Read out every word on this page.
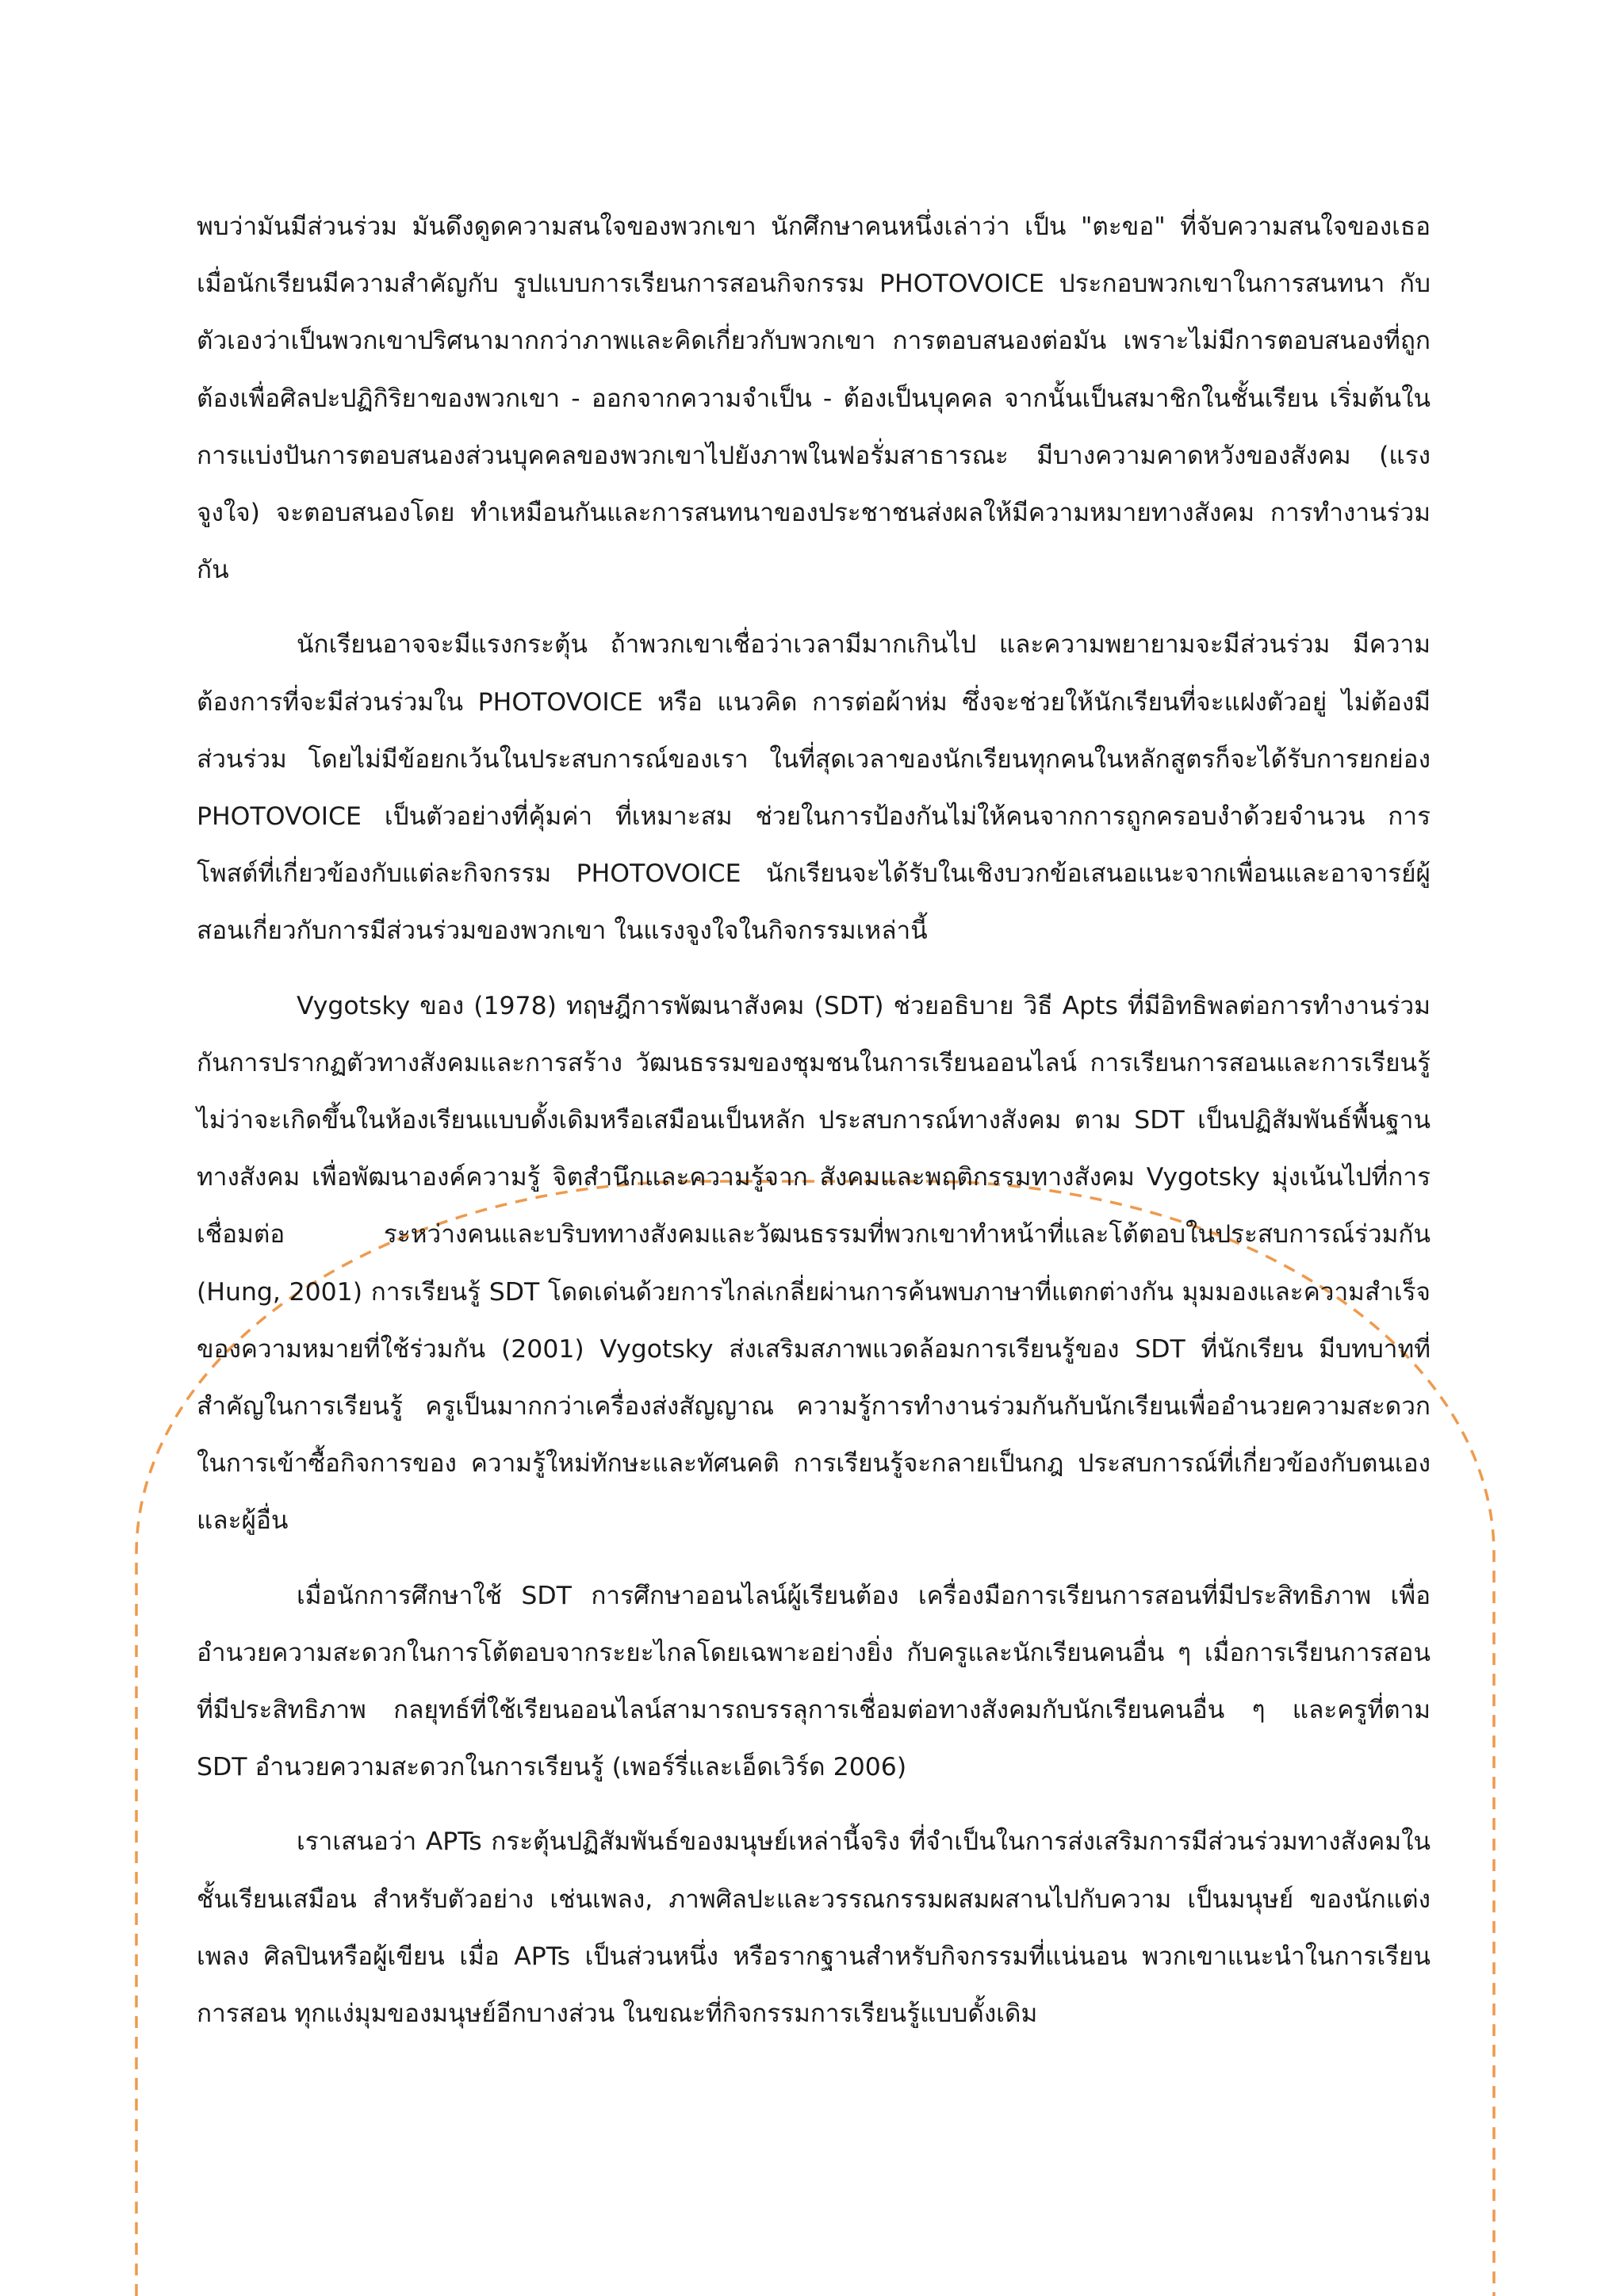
พบว่ามันมีส่วนร่วม มันดึงดูดความสนใจของพวกเขา นักศึกษาคนหนึ่งเล่าว่า เป็น "ตะขอ" ที่จับความสนใจของเธอ เมื่อนักเรียนมีความสำคัญกับ รูปแบบการเรียนการสอนกิจกรรม PHOTOVOICE ประกอบพวกเขาในการสนทนา กับตัวเองว่าเป็นพวกเขาปริศนามากกว่าภาพและคิดเกี่ยวกับพวกเขา การตอบสนองต่อมัน เพราะไม่มีการตอบสนองที่ถูกต้องเพื่อศิลปะปฏิกิริยาของพวกเขา - ออกจากความจำเป็น - ต้องเป็นบุคคล จากนั้นเป็นสมาชิกในชั้นเรียน เริ่มต้นในการแบ่งปันการตอบสนองส่วนบุคคลของพวกเขาไปยังภาพในฟอรั่มสาธารณะ มีบางความคาดหวังของสังคม (แรงจูงใจ) จะตอบสนองโดย ทำเหมือนกันและการสนทนาของประชาชนส่งผลให้มีความหมายทางสังคม การทำงานร่วมกัน

นักเรียนอาจจะมีแรงกระตุ้น ถ้าพวกเขาเชื่อว่าเวลามีมากเกินไป และความพยายามจะมีส่วนร่วม มีความต้องการที่จะมีส่วนร่วมใน PHOTOVOICE หรือ แนวคิด การต่อผ้าห่ม ซึ่งจะช่วยให้นักเรียนที่จะแฝงตัวอยู่ ไม่ต้องมีส่วนร่วม โดยไม่มีข้อยกเว้นในประสบการณ์ของเรา ในที่สุดเวลาของนักเรียนทุกคนในหลักสูตรก็จะได้รับการยกย่อง PHOTOVOICE เป็นตัวอย่างที่คุ้มค่า ที่เหมาะสม ช่วยในการป้องกันไม่ให้คนจากการถูกครอบงำด้วยจำนวน การโพสต์ที่เกี่ยวข้องกับแต่ละกิจกรรม PHOTOVOICE นักเรียนจะได้รับในเชิงบวกข้อเสนอแนะจากเพื่อนและอาจารย์ผู้สอนเกี่ยวกับการมีส่วนร่วมของพวกเขา ในแรงจูงใจในกิจกรรมเหล่านี้

Vygotsky ของ (1978) ทฤษฎีการพัฒนาสังคม (SDT) ช่วยอธิบาย วิธี Apts ที่มีอิทธิพลต่อการทำงานร่วมกันการปรากฏตัวทางสังคมและการสร้าง วัฒนธรรมของชุมชนในการเรียนออนไลน์ การเรียนการสอนและการเรียนรู้ ไม่ว่าจะเกิดขึ้นในห้องเรียนแบบดั้งเดิมหรือเสมือนเป็นหลัก ประสบการณ์ทางสังคม ตาม SDT เป็นปฏิสัมพันธ์พื้นฐานทางสังคม เพื่อพัฒนาองค์ความรู้ จิตสำนึกและความรู้จาก สังคมและพฤติกรรมทางสังคม Vygotsky มุ่งเน้นไปที่การเชื่อมต่อ ระหว่างคนและบริบททางสังคมและวัฒนธรรมที่พวกเขาทำหน้าที่และโต้ตอบในประสบการณ์ร่วมกัน (Hung, 2001) การเรียนรู้ SDT โดดเด่นด้วยการไกล่เกลี่ยผ่านการค้นพบภาษาที่แตกต่างกัน มุมมองและความสำเร็จของความหมายที่ใช้ร่วมกัน (2001) Vygotsky ส่งเสริมสภาพแวดล้อมการเรียนรู้ของ SDT ที่นักเรียน มีบทบาทที่สำคัญในการเรียนรู้ ครูเป็นมากกว่าเครื่องส่งสัญญาณ ความรู้การทำงานร่วมกันกับนักเรียนเพื่ออำนวยความสะดวกในการเข้าซื้อกิจการของ ความรู้ใหม่ทักษะและทัศนคติ การเรียนรู้จะกลายเป็นกฎ ประสบการณ์ที่เกี่ยวข้องกับตนเองและผู้อื่น

เมื่อนักการศึกษาใช้ SDT การศึกษาออนไลน์ผู้เรียนต้อง เครื่องมือการเรียนการสอนที่มีประสิทธิภาพ เพื่ออำนวยความสะดวกในการโต้ตอบจากระยะไกลโดยเฉพาะอย่างยิ่ง กับครูและนักเรียนคนอื่น ๆ เมื่อการเรียนการสอนที่มีประสิทธิภาพ กลยุทธ์ที่ใช้เรียนออนไลน์สามารถบรรลุการเชื่อมต่อทางสังคมกับนักเรียนคนอื่น ๆ และครูที่ตาม SDT อำนวยความสะดวกในการเรียนรู้ (เพอร์รี่และเอ็ดเวิร์ด 2006)

เราเสนอว่า APTs กระตุ้นปฏิสัมพันธ์ของมนุษย์เหล่านี้จริง ที่จำเป็นในการส่งเสริมการมีส่วนร่วมทางสังคมในชั้นเรียนเสมือน สำหรับตัวอย่าง เช่นเพลง, ภาพศิลปะและวรรณกรรมผสมผสานไปกับความ เป็นมนุษย์ ของนักแต่งเพลง ศิลปินหรือผู้เขียน เมื่อ APTs เป็นส่วนหนึ่ง หรือรากฐานสำหรับกิจกรรมที่แน่นอน พวกเขาแนะนำในการเรียนการสอน ทุกแง่มุมของมนุษย์อีกบางส่วน ในขณะที่กิจกรรมการเรียนรู้แบบดั้งเดิม
